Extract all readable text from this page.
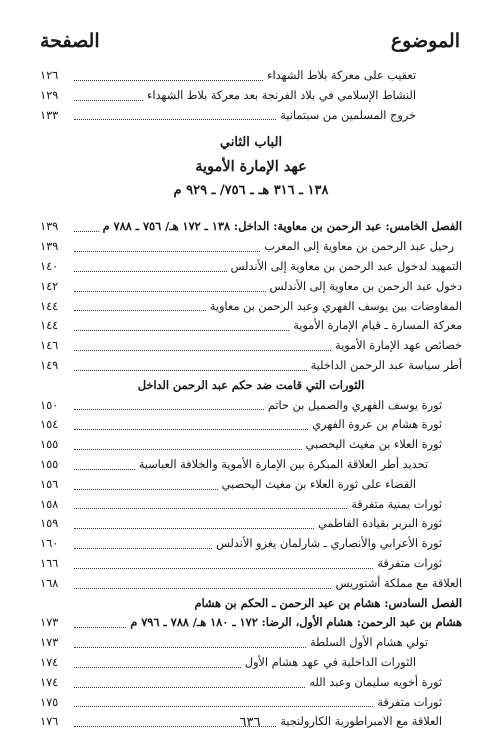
الموضوع
الصفحة
تعقيب على معركة بلاط الشهداء
١٢٦
النشاط الإسلامي في بلاد الفرنجة بعد معركة بلاط الشهداء
١٢٩
خروج المسلمين من سبتمانية
١٣٣
الباب الثاني
عهد الإمارة الأموية
١٣٨ ـ ٣١٦ هـ ـ ٧٥٦/ ـ ٩٢٩ م
الفصل الخامس: عبد الرحمن بن معاوية: الداخل: ١٣٨ ـ ١٧٢ هـ/ ٧٥٦ ـ ٧٨٨ م
١٣٩
رحيل عبد الرحمن بن معاوية إلى المغرب
١٣٩
التمهيد لدخول عبد الرحمن بن معاوية إلى الأندلس
١٤٠
دخول عبد الرحمن بن معاوية إلى الأندلس
١٤٢
المفاوضات بين يوسف الفهري وعبد الرحمن بن معاوية
١٤٤
معركة المسارة ـ قيام الإمارة الأموية
١٤٤
خصائص عهد الإمارة الأموية
١٤٦
أطر سياسة عبد الرحمن الداخلية
١٤٩
الثورات التي قامت ضد حكم عبد الرحمن الداخل
ثورة يوسف الفهري والصميل بن حاتم
١٥٠
ثورة هشام بن عروة الفهري
١٥٤
ثورة العلاء بن مغيث اليحصبي
١٥٥
تحديد أطر العلاقة المبكرة بين الإمارة الأموية والخلافة العباسية
١٥٥
القضاء على ثورة العلاء بن مغيث اليحصبي
١٥٦
ثورات يمنية متفرقة
١٥٨
ثورة البربر بقيادة الفاطمي
١٥٩
ثورة الأعرابي والأنصاري ـ شارلمان يغزو الأندلس
١٦٠
ثورات متفرقة
١٦٦
العلاقة مع مملكة أشتوريس
١٦٨
الفصل السادس: هشام بن عبد الرحمن ـ الحكم بن هشام
هشام بن عبد الرحمن: هشام الأول، الرضا: ١٧٢ ـ ١٨٠ هـ/ ٧٨٨ ـ ٧٩٦ م
١٧٣
تولي هشام الأول السلطة
١٧٣
الثورات الداخلية في عهد هشام الأول
١٧٤
ثورة أخويه سليمان وعبد الله
١٧٤
ثورات متفرقة
١٧٥
العلاقة مع الامبراطورية الكارولنجية
١٧٦	٦٣٦
